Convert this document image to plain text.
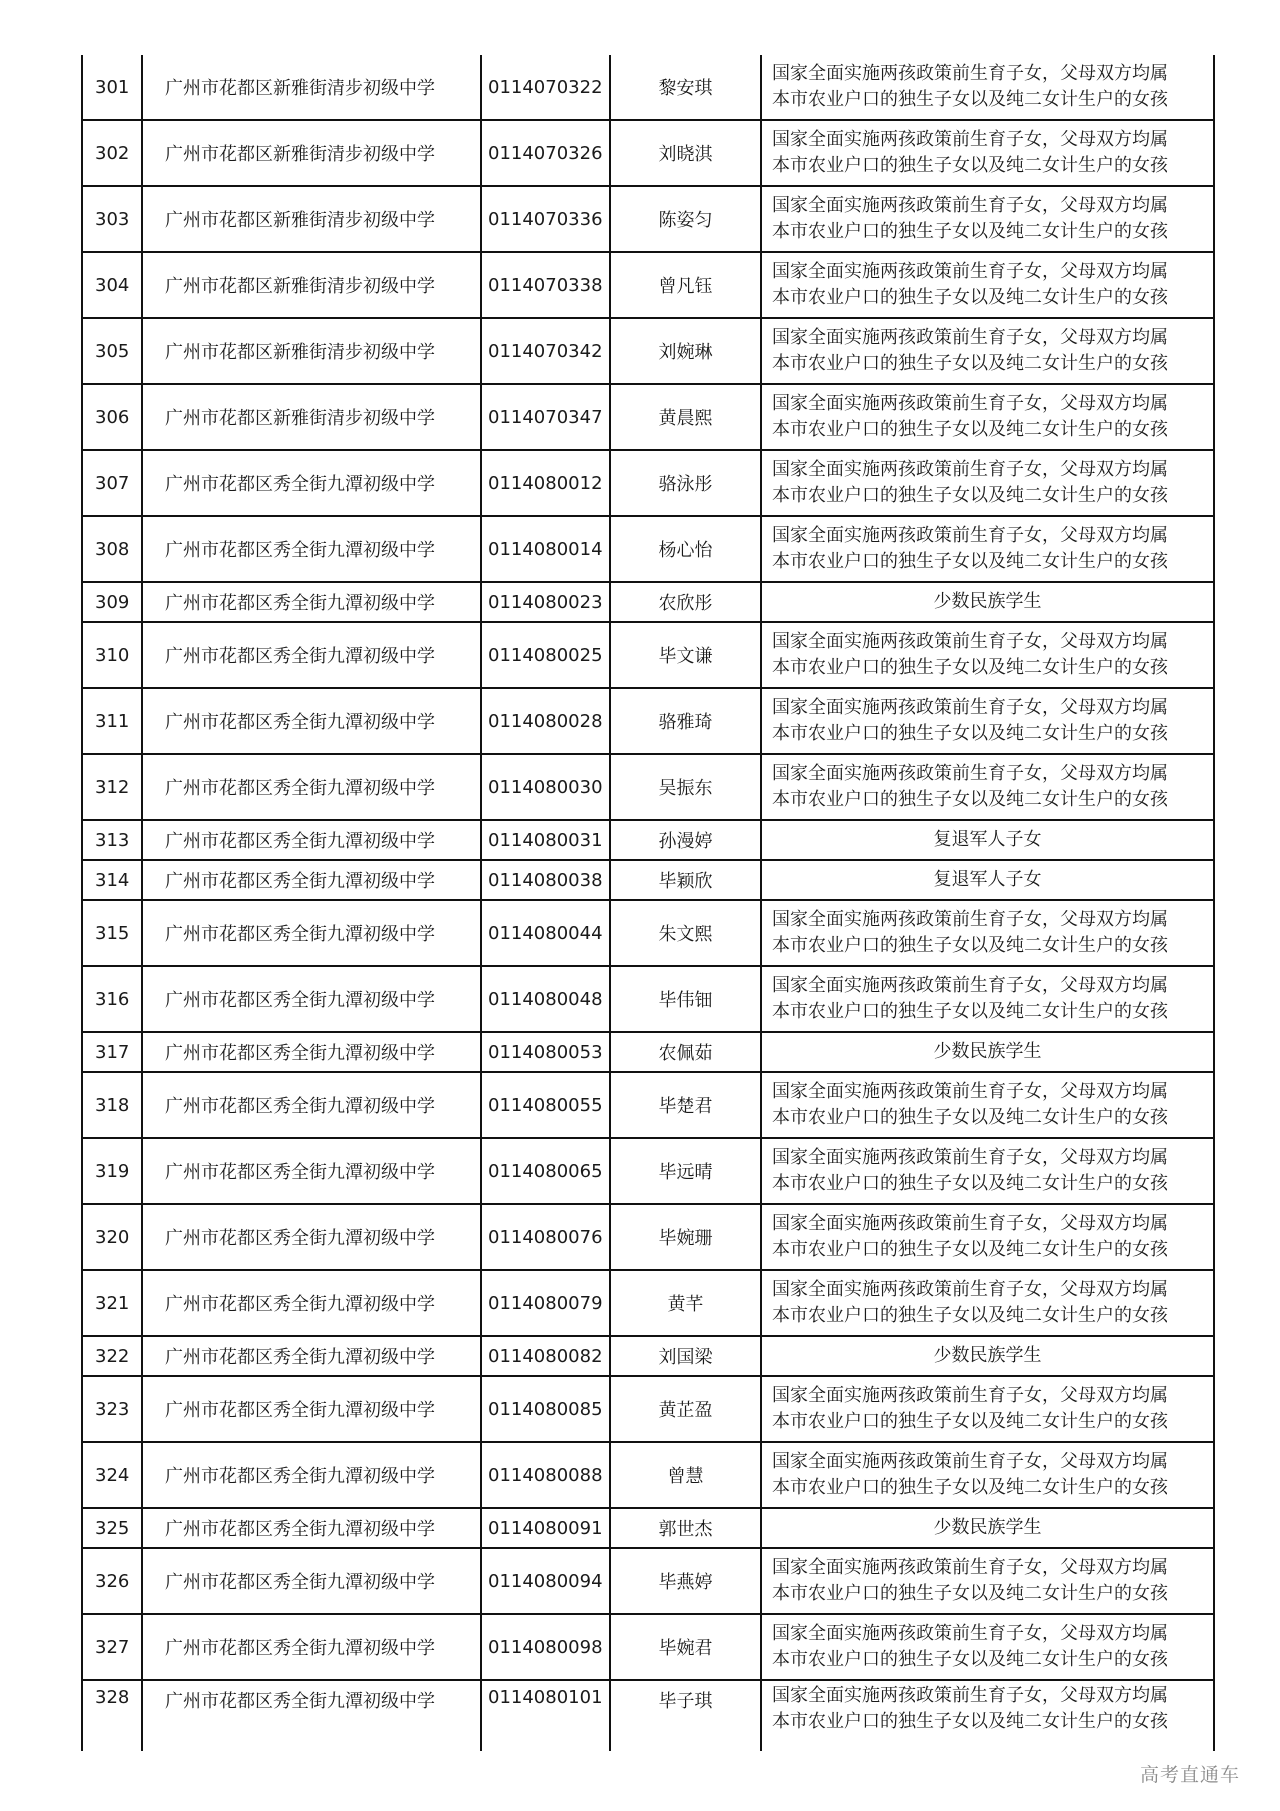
301	广州市花都区新雅街清步初级中学	0114070322	黎安琪	国家全面实施两孩政策前生育子女，父母双方均属
本市农业户口的独生子女以及纯二女计生户的女孩

302	广州市花都区新雅街清步初级中学	0114070326	刘晓淇	国家全面实施两孩政策前生育子女，父母双方均属
本市农业户口的独生子女以及纯二女计生户的女孩

303	广州市花都区新雅街清步初级中学	0114070336	陈姿匀	国家全面实施两孩政策前生育子女，父母双方均属
本市农业户口的独生子女以及纯二女计生户的女孩

304	广州市花都区新雅街清步初级中学	0114070338	曾凡钰	国家全面实施两孩政策前生育子女，父母双方均属
本市农业户口的独生子女以及纯二女计生户的女孩

305	广州市花都区新雅街清步初级中学	0114070342	刘婉琳	国家全面实施两孩政策前生育子女，父母双方均属
本市农业户口的独生子女以及纯二女计生户的女孩

306	广州市花都区新雅街清步初级中学	0114070347	黄晨熙	国家全面实施两孩政策前生育子女，父母双方均属
本市农业户口的独生子女以及纯二女计生户的女孩

307	广州市花都区秀全街九潭初级中学	0114080012	骆泳彤	国家全面实施两孩政策前生育子女，父母双方均属
本市农业户口的独生子女以及纯二女计生户的女孩

308	广州市花都区秀全街九潭初级中学	0114080014	杨心怡	国家全面实施两孩政策前生育子女，父母双方均属
本市农业户口的独生子女以及纯二女计生户的女孩

309	广州市花都区秀全街九潭初级中学	0114080023	农欣彤	少数民族学生
310	广州市花都区秀全街九潭初级中学	0114080025	毕文谦	国家全面实施两孩政策前生育子女，父母双方均属
本市农业户口的独生子女以及纯二女计生户的女孩

311	广州市花都区秀全街九潭初级中学	0114080028	骆雅琦	国家全面实施两孩政策前生育子女，父母双方均属
本市农业户口的独生子女以及纯二女计生户的女孩

312	广州市花都区秀全街九潭初级中学	0114080030	吴振东	国家全面实施两孩政策前生育子女，父母双方均属
本市农业户口的独生子女以及纯二女计生户的女孩

313	广州市花都区秀全街九潭初级中学	0114080031	孙漫婷	复退军人子女
314	广州市花都区秀全街九潭初级中学	0114080038	毕颖欣	复退军人子女
315	广州市花都区秀全街九潭初级中学	0114080044	朱文熙	国家全面实施两孩政策前生育子女，父母双方均属
本市农业户口的独生子女以及纯二女计生户的女孩

316	广州市花都区秀全街九潭初级中学	0114080048	毕伟钿	国家全面实施两孩政策前生育子女，父母双方均属
本市农业户口的独生子女以及纯二女计生户的女孩

317	广州市花都区秀全街九潭初级中学	0114080053	农佩茹	少数民族学生
318	广州市花都区秀全街九潭初级中学	0114080055	毕楚君	国家全面实施两孩政策前生育子女，父母双方均属
本市农业户口的独生子女以及纯二女计生户的女孩

319	广州市花都区秀全街九潭初级中学	0114080065	毕远晴	国家全面实施两孩政策前生育子女，父母双方均属
本市农业户口的独生子女以及纯二女计生户的女孩

320	广州市花都区秀全街九潭初级中学	0114080076	毕婉珊	国家全面实施两孩政策前生育子女，父母双方均属
本市农业户口的独生子女以及纯二女计生户的女孩

321	广州市花都区秀全街九潭初级中学	0114080079	黄芊	国家全面实施两孩政策前生育子女，父母双方均属
本市农业户口的独生子女以及纯二女计生户的女孩

322	广州市花都区秀全街九潭初级中学	0114080082	刘国梁	少数民族学生
323	广州市花都区秀全街九潭初级中学	0114080085	黄芷盈	国家全面实施两孩政策前生育子女，父母双方均属
本市农业户口的独生子女以及纯二女计生户的女孩

324	广州市花都区秀全街九潭初级中学	0114080088	曾慧	国家全面实施两孩政策前生育子女，父母双方均属
本市农业户口的独生子女以及纯二女计生户的女孩

325	广州市花都区秀全街九潭初级中学	0114080091	郭世杰	少数民族学生
326	广州市花都区秀全街九潭初级中学	0114080094	毕燕婷	国家全面实施两孩政策前生育子女，父母双方均属
本市农业户口的独生子女以及纯二女计生户的女孩

327	广州市花都区秀全街九潭初级中学	0114080098	毕婉君	国家全面实施两孩政策前生育子女，父母双方均属
本市农业户口的独生子女以及纯二女计生户的女孩

328	广州市花都区秀全街九潭初级中学	0114080101	毕子琪	国家全面实施两孩政策前生育子女，父母双方均属
本市农业户口的独生子女以及纯二女计生户的女孩
高考直通车
